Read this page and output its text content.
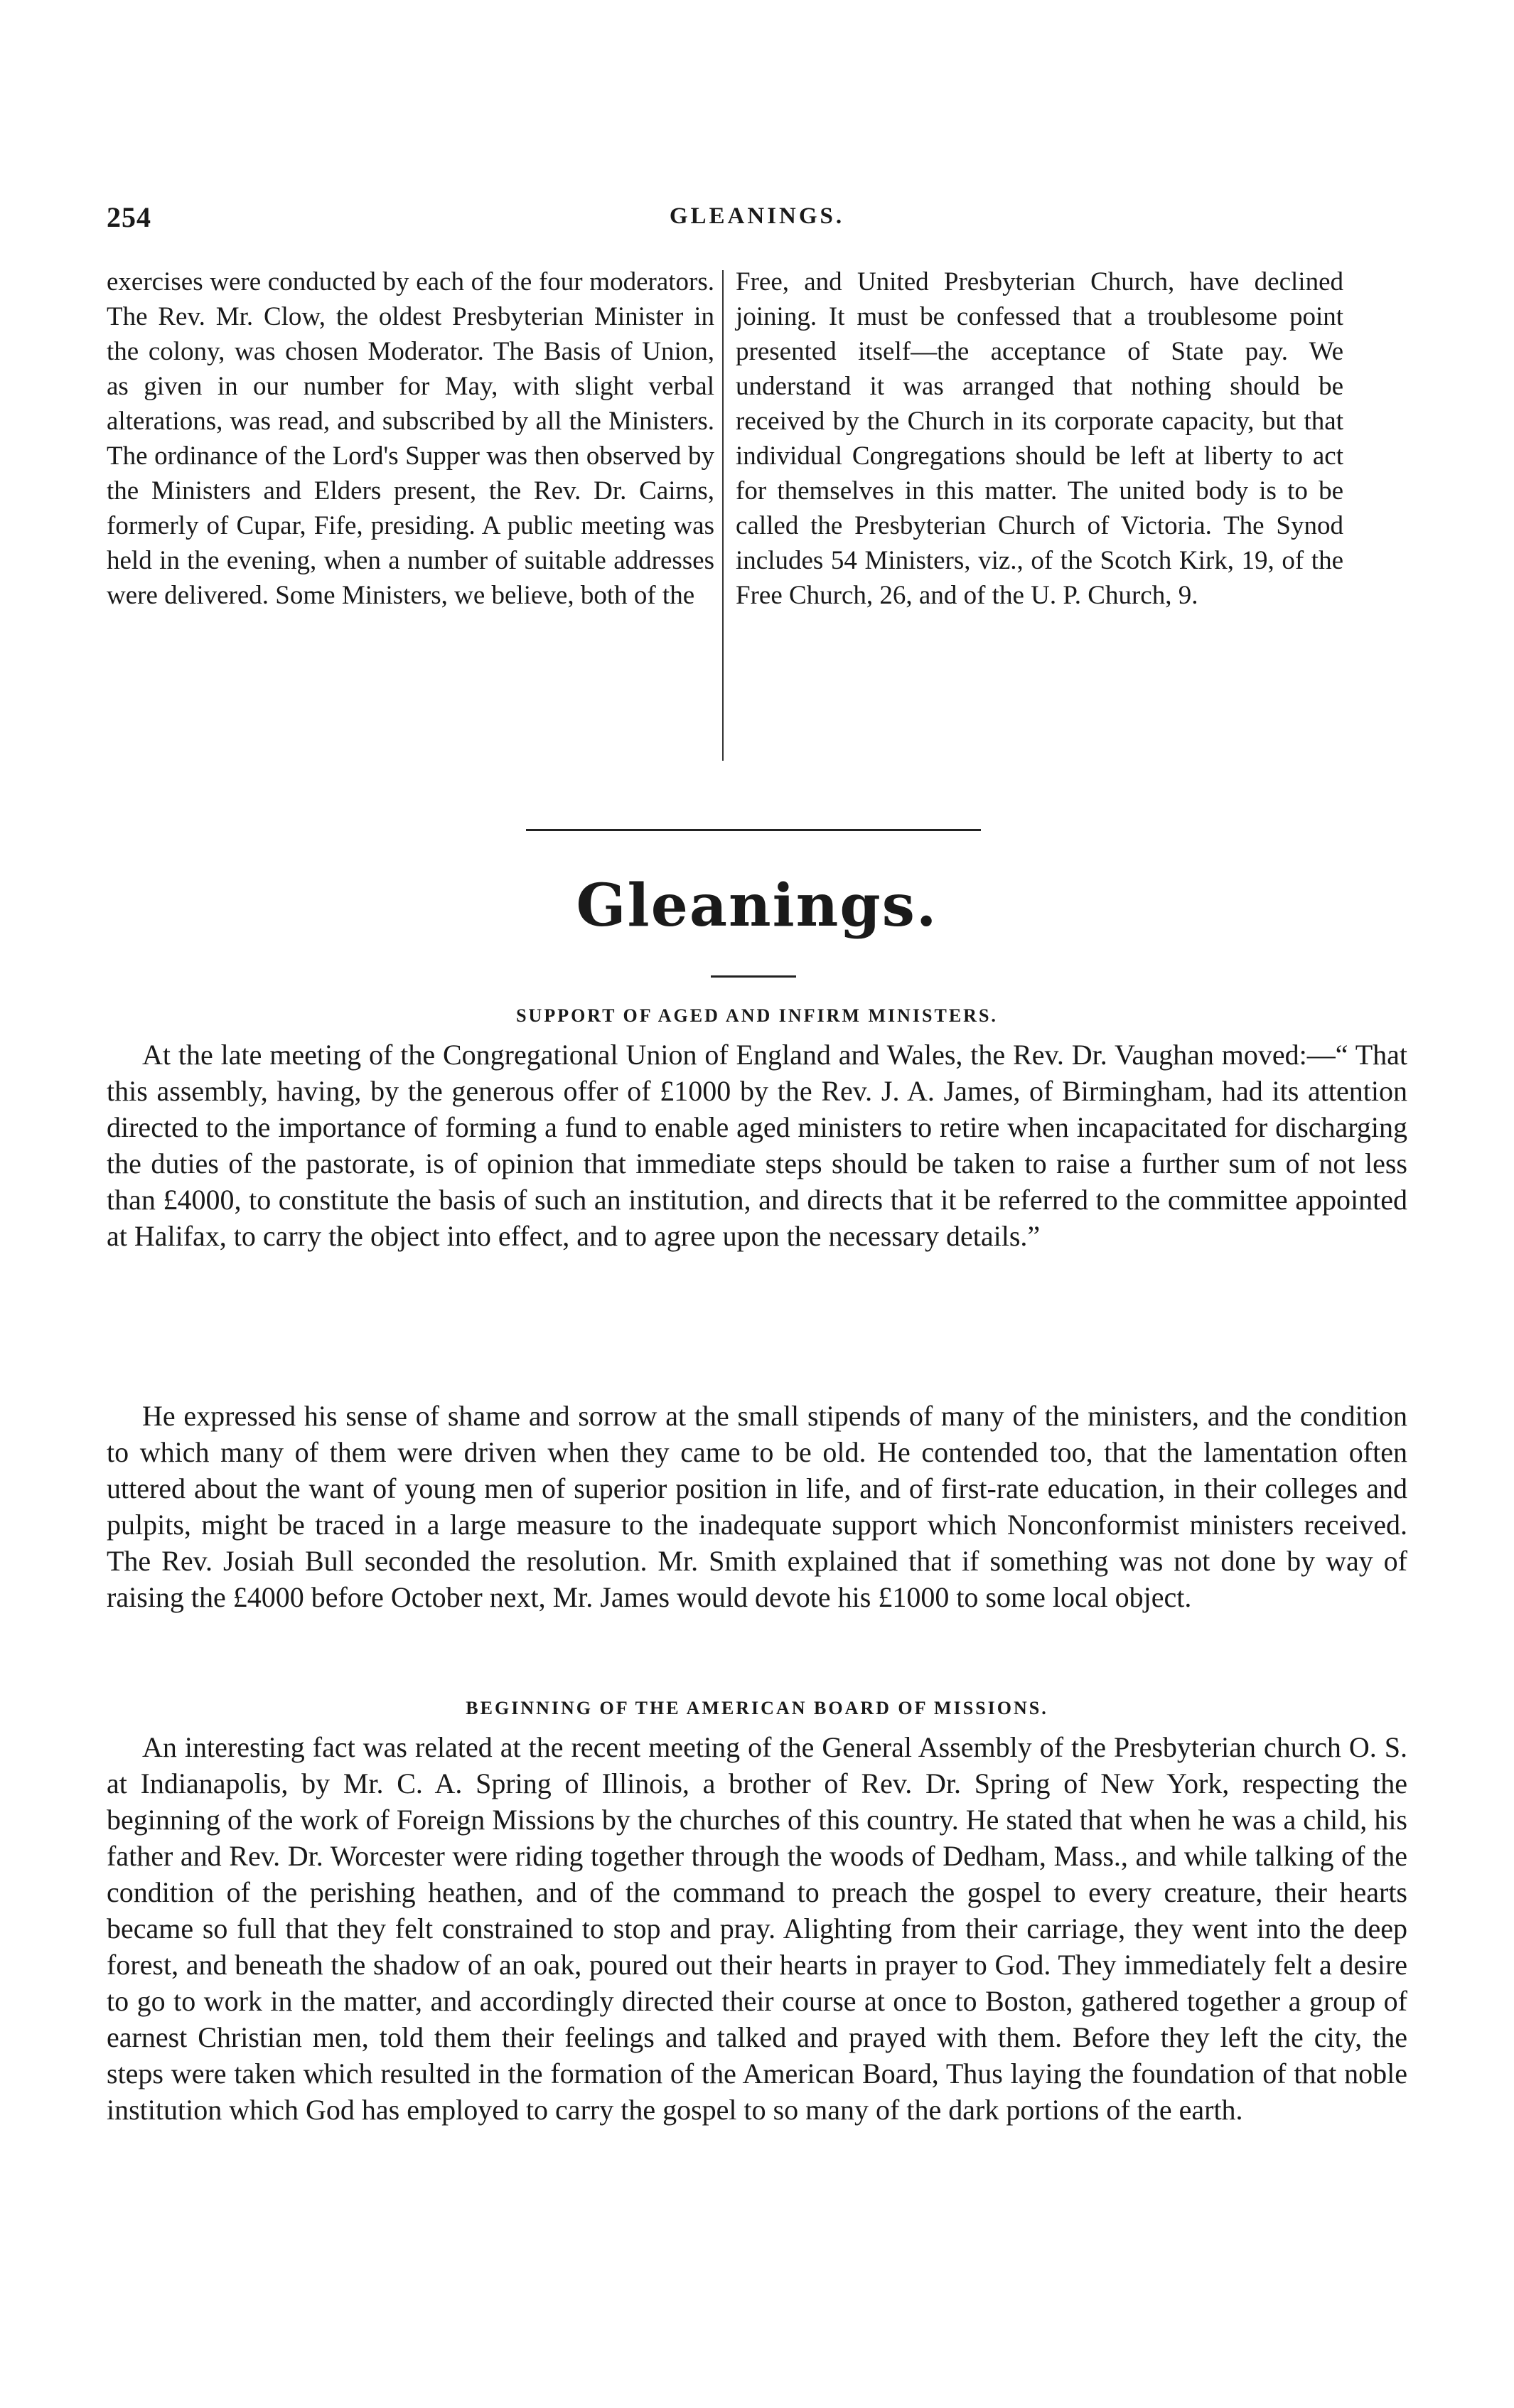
254	GLEANINGS.

exercises were conducted by each of the four moderators. The Rev. Mr. Clow, the oldest Presbyterian Minister in the colony, was chosen Moderator. The Basis of Union, as given in our number for May, with slight verbal alterations, was read, and subscribed by all the Ministers. The ordinance of the Lord's Supper was then observed by the Ministers and Elders present, the Rev. Dr. Cairns, formerly of Cupar, Fife, presiding. A public meeting was held in the evening, when a number of suitable addresses were delivered. Some Ministers, we believe, both of the

Free, and United Presbyterian Church, have declined joining. It must be confessed that a troublesome point presented itself—the acceptance of State pay. We understand it was arranged that nothing should be received by the Church in its corporate capacity, but that individual Congregations should be left at liberty to act for themselves in this matter. The united body is to be called the Presbyterian Church of Victoria. The Synod includes 54 Ministers, viz., of the Scotch Kirk, 19, of the Free Church, 26, and of the U. P. Church, 9.

Gleanings.
SUPPORT OF AGED AND INFIRM MINISTERS.

At the late meeting of the Congregational Union of England and Wales, the Rev. Dr. Vaughan moved:—“ That this assembly, having, by the generous offer of £1000 by the Rev. J. A. James, of Birmingham, had its attention directed to the importance of forming a fund to enable aged ministers to retire when incapacitated for discharging the duties of the pastorate, is of opinion that immediate steps should be taken to raise a further sum of not less than £4000, to constitute the basis of such an institution, and directs that it be referred to the committee appointed at Halifax, to carry the object into effect, and to agree upon the necessary details.”

He expressed his sense of shame and sorrow at the small stipends of many of the ministers, and the condition to which many of them were driven when they came to be old. He contended too, that the lamentation often uttered about the want of young men of superior position in life, and of first-rate education, in their colleges and pulpits, might be traced in a large measure to the inadequate support which Nonconformist ministers received. The Rev. Josiah Bull seconded the resolution. Mr. Smith explained that if something was not done by way of raising the £4000 before October next, Mr. James would devote his £1000 to some local object.

BEGINNING OF THE AMERICAN BOARD OF MISSIONS.

An interesting fact was related at the recent meeting of the General Assembly of the Presbyterian church O. S. at Indianapolis, by Mr. C. A. Spring of Illinois, a brother of Rev. Dr. Spring of New York, respecting the beginning of the work of Foreign Missions by the churches of this country. He stated that when he was a child, his father and Rev. Dr. Worcester were riding together through the woods of Dedham, Mass., and while talking of the condition of the perishing heathen, and of the command to preach the gospel to every creature, their hearts became so full that they felt constrained to stop and pray. Alighting from their carriage, they went into the deep forest, and beneath the shadow of an oak, poured out their hearts in prayer to God. They immediately felt a desire to go to work in the matter, and accordingly directed their course at once to Boston, gathered together a group of earnest Christian men, told them their feelings and talked and prayed with them. Before they left the city, the steps were taken which resulted in the formation of the American Board, Thus laying the foundation of that noble institution which God has employed to carry the gospel to so many of the dark portions of the earth.
